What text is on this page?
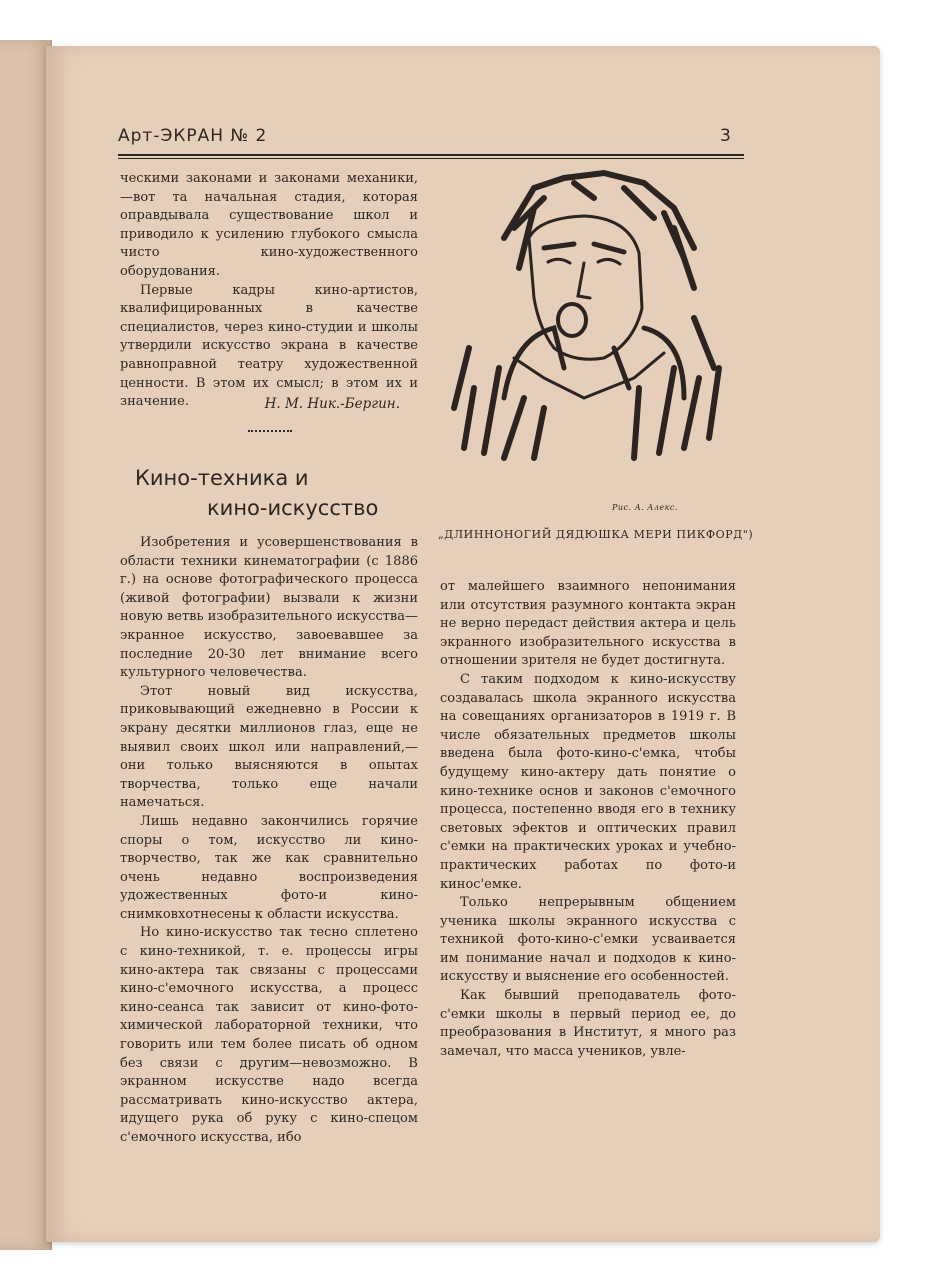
Арт-ЭКРАН № 2	3

ческими законами и законами механики,—вот та начальная стадия, которая оправдывала существование школ и приводило к усилению глубокого смысла чисто кино-художественного оборудования.

Первые кадры кино-артистов, квалифицированных в качестве специалистов, через кино-студии и школы утвердили искусство экрана в качестве равноправной театру художественной ценности. В этом их смысл; в этом их и значение.	Н. М. Ник.-Бергин.
Кино-техника и
кино-искусство

Изобретения и усовершенствования в области техники кинематографии (с 1886 г.) на основе фотографического процесса (живой фотографии) вызвали к жизни новую ветвь изобразительного искусства—экранное искусство, завоевавшее за последние 20-30 лет внимание всего культурного человечества.

Этот новый вид искусства, приковывающий ежедневно в России к экрану десятки миллионов глаз, еще не выявил своих школ или направлений,—они только выясняются в опытах творчества, только еще начали намечаться.

Лишь недавно закончились горячие споры о том, искусство ли кино-творчество, так же как сравнительно очень недавно воспроизведения удожественных фото-и кино-снимковхотнесены к области искусства.

Но кино-искусство так тесно сплетено с кино-техникой, т. е. процессы игры кино-актера так связаны с процессами кино-с'емочного искусства, а процесс кино-сеанса так зависит от кино-фото-химической лабораторной техники, что говорить или тем более писать об одном без связи с другим—невозможно. В экранном искусстве надо всегда рассматривать кино-искусство актера, идущего рука об руку с кино-спецом с'емочного искусства, ибо

от малейшего взаимного непонимания или отсутствия разумного контакта экран не верно передаст действия актера и цель экранного изобразительного искусства в отношении зрителя не будет достигнута.

С таким подходом к кино-искусству создавалась школа экранного искусства на совещаниях организаторов в 1919 г. В числе обязательных предметов школы введена была фото-кино-с'емка, чтобы будущему кино-актеру дать понятие о кино-технике основ и законов с'емочного процесса, постепенно вводя его в технику световых эфектов и оптических правил с'емки на практических уроках и учебно-практических работах по фото-и кинос'емке.

Только непрерывным общением ученика школы экранного искусства с техникой фото-кино-с'емки усваивается им понимание начал и подходов к кино-искусству и выяснение его особенностей.

Как бывший преподаватель фото-с'емки школы в первый период ее, до преобразования в Институт, я много раз замечал, что масса учеников, увле-

Рис. А. Алекс.
„ДЛИННОНОГИЙ ДЯДЮШКА МЕРИ ПИКФОРД")
